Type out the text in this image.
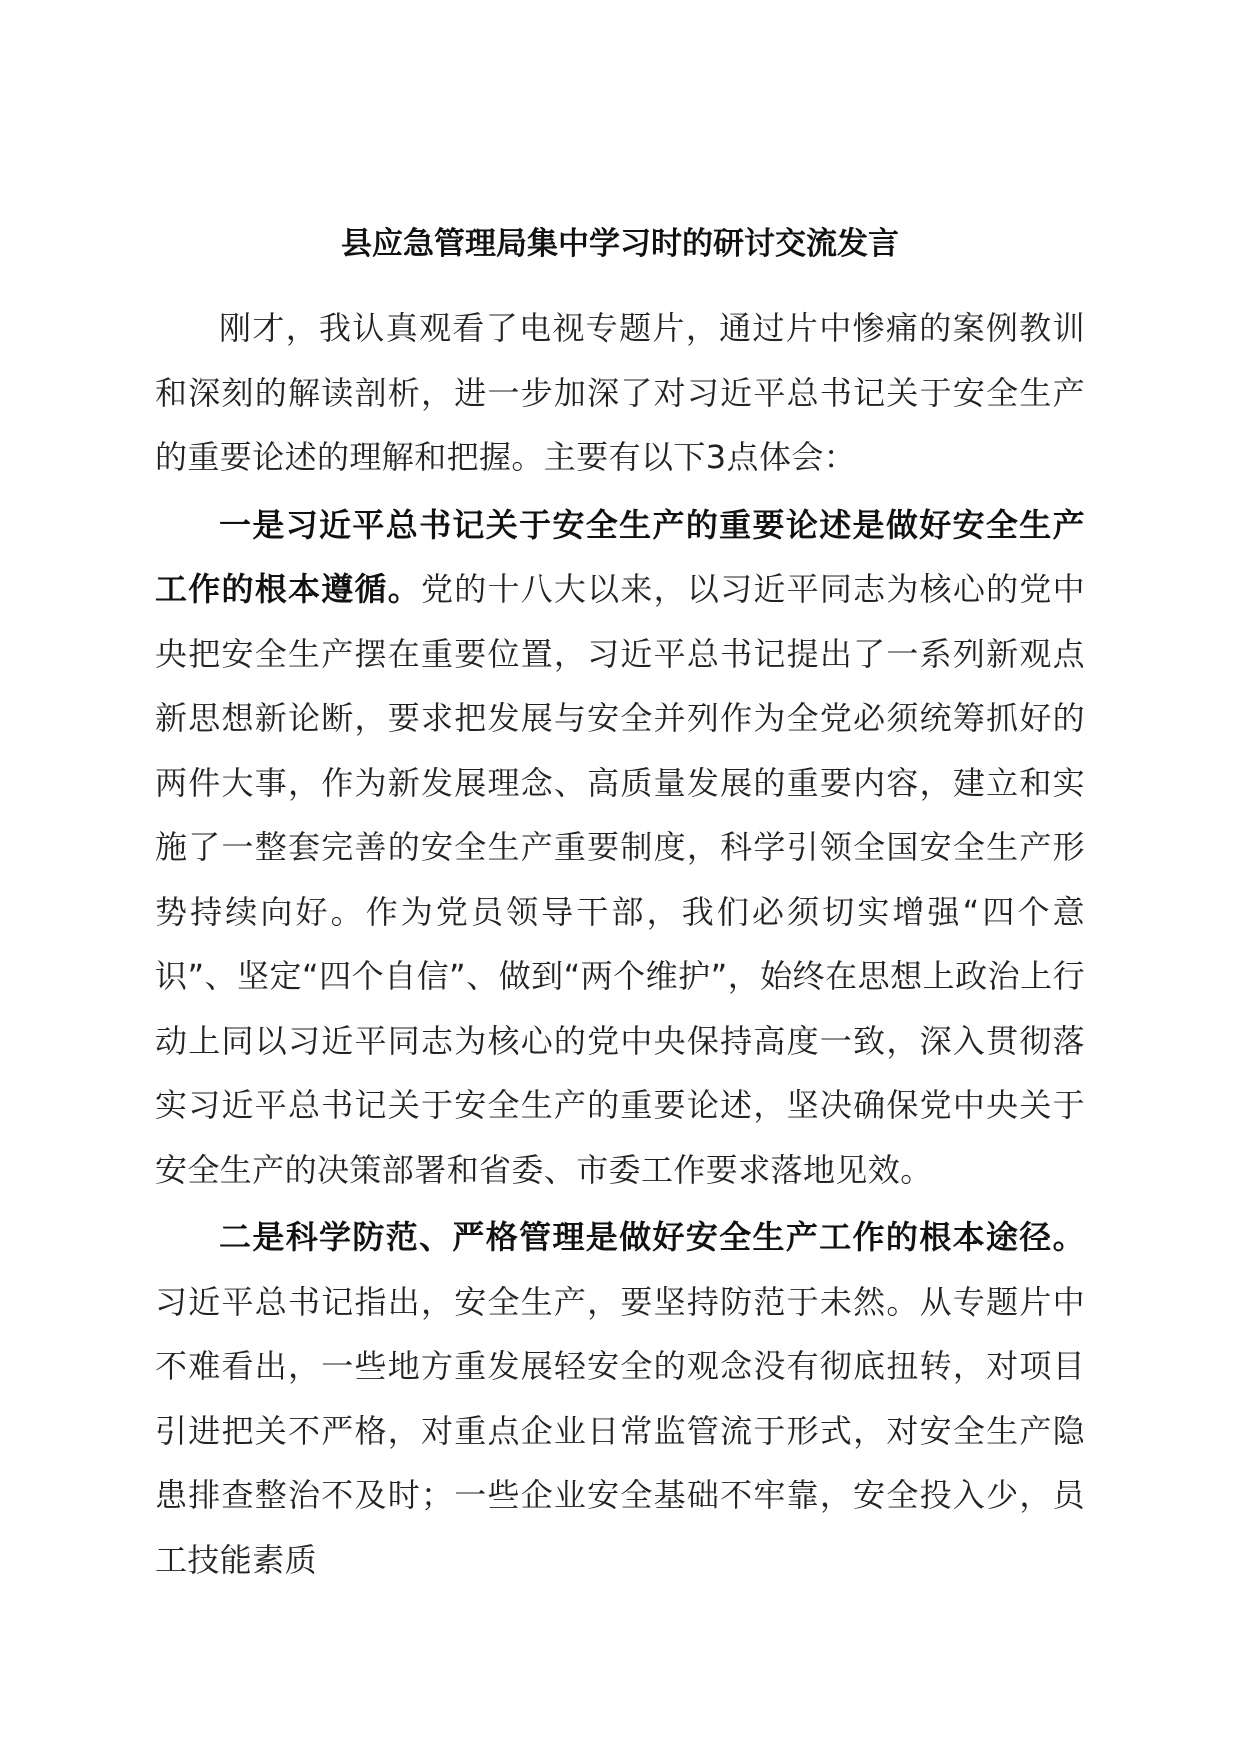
县应急管理局集中学习时的研讨交流发言

刚才，我认真观看了电视专题片，通过片中惨痛的案例教训和深刻的解读剖析，进一步加深了对习近平总书记关于安全生产的重要论述的理解和把握。主要有以下3点体会：

一是习近平总书记关于安全生产的重要论述是做好安全生产工作的根本遵循。党的十八大以来，以习近平同志为核心的党中央把安全生产摆在重要位置，习近平总书记提出了一系列新观点新思想新论断，要求把发展与安全并列作为全党必须统筹抓好的两件大事，作为新发展理念、高质量发展的重要内容，建立和实施了一整套完善的安全生产重要制度，科学引领全国安全生产形势持续向好。作为党员领导干部，我们必须切实增强“四个意识”、坚定“四个自信”、做到“两个维护”，始终在思想上政治上行动上同以习近平同志为核心的党中央保持高度一致，深入贯彻落实习近平总书记关于安全生产的重要论述，坚决确保党中央关于安全生产的决策部署和省委、市委工作要求落地见效。

二是科学防范、严格管理是做好安全生产工作的根本途径。习近平总书记指出，安全生产，要坚持防范于未然。从专题片中不难看出，一些地方重发展轻安全的观念没有彻底扭转，对项目引进把关不严格，对重点企业日常监管流于形式，对安全生产隐患排查整治不及时；一些企业安全基础不牢靠，安全投入少，员工技能素质
